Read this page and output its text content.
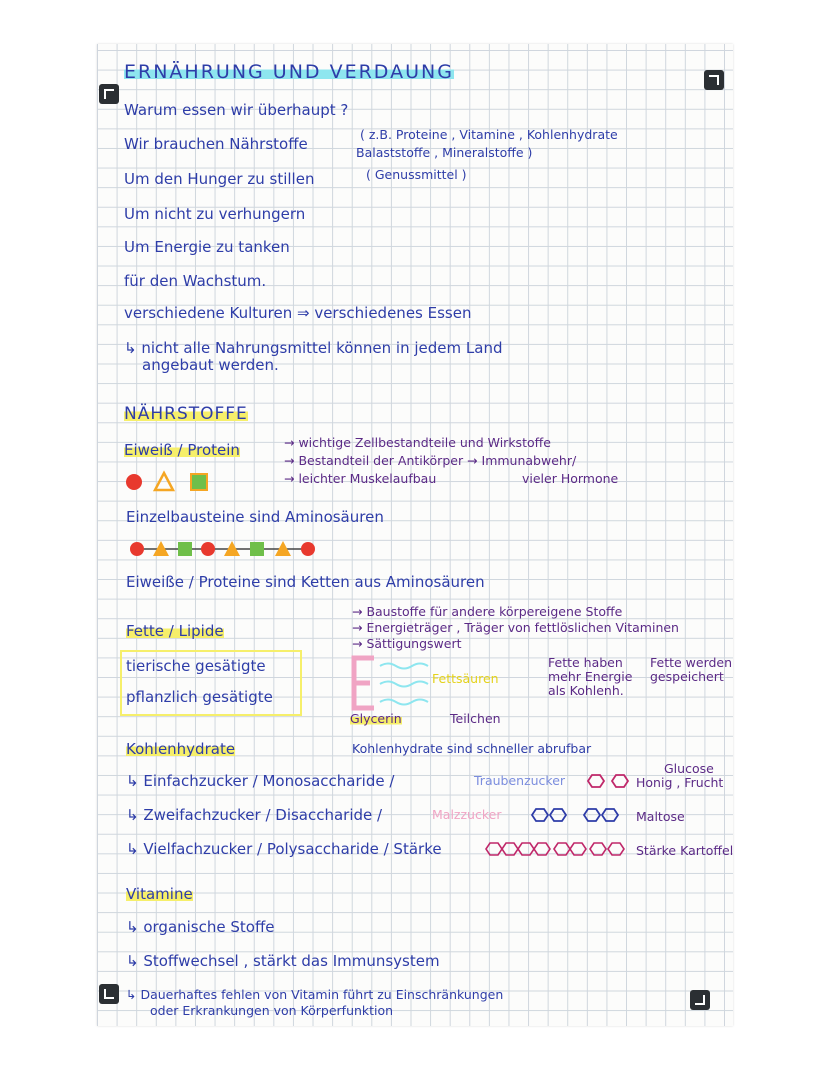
ERNÄHRUNG UND VERDAUNG
Warum essen wir überhaupt ?
Wir brauchen Nährstoffe
( z.B. Proteine , Vitamine , Kohlenhydrate
Balaststoffe , Mineralstoffe )
Um den Hunger zu stillen	( Genussmittel )
Um nicht zu verhungern
Um Energie zu tanken
für den Wachstum.
verschiedene Kulturen ⇒ verschiedenes Essen
↳ nicht alle Nahrungsmittel können in jedem Land
angebaut werden.
NÄHRSTOFFE
Eiweiß / Protein	→ wichtige Zellbestandteile und Wirkstoffe
→ Bestandteil der Antikörper → Immunabwehr/
→ leichter Muskelaufbau	vieler Hormone
Einzelbausteine sind Aminosäuren
Eiweiße / Proteine sind Ketten aus Aminosäuren
→ Baustoffe für andere körpereigene Stoffe
→ Energieträger , Träger von fettlöslichen Vitaminen
→ Sättigungswert
Fette / Lipide
tierische gesätigte
pflanzlich gesätigte
Fettsäuren
Fette haben mehr Energie als Kohlenh.
Fette werden gespeichert
Glycerin	Teilchen
Kohlenhydrate	Kohlenhydrate sind schneller abrufbar
↳ Einfachzucker / Monosaccharide /	Traubenzucker
Glucose
Honig , Frucht
↳ Zweifachzucker / Disaccharide /	Malzzucker	Maltose
↳ Vielfachzucker / Polysaccharide / Stärke	Stärke Kartoffel
Vitamine
↳ organische Stoffe
↳ Stoffwechsel , stärkt das Immunsystem
↳ Dauerhaftes fehlen von Vitamin führt zu Einschränkungen
oder Erkrankungen von Körperfunktion
